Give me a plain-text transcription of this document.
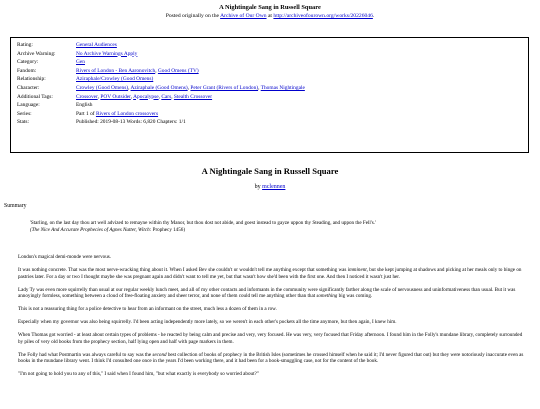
A Nightingale Sang in Russell Square
Posted originally on the Archive of Our Own at http://archiveofourown.org/works/20226046.
Rating:	General Audiences
Archive Warning:	No Archive Warnings Apply
Category:	Gen
Fandom:	Rivers of London - Ben Aaronovitch, Good Omens (TV)
Relationship:	Aziraphale/Crowley (Good Omens)
Character:	Crowley (Good Omens), Aziraphale (Good Omens), Peter Grant (Rivers of London), Thomas Nightingale
Additional Tags:	Crossover, POV Outsider, Apocalypse, Cars, Stealth Crossover
Language:	English
Series:	Part 1 of Rivers of London crossovers
Stats:	Published: 2019-08-13 Words: 6,820 Chapters: 1/1
A Nightingale Sang in Russell Square
by mclennen
Summary
'Starling, on the last day thou art well advized to remayne within thy Manor, but thou dost not abide, and goest instead to gayze uppon thy Steading, and uppon the Fell's.'
(The Nice And Accurate Prophecies of Agnes Nutter, Witch: Prophecy 1456)

London's magical demi-monde were nervous.

It was nothing concrete. That was the most nerve-wracking thing about it. When I asked Bev she couldn't or wouldn't tell me anything except that something was imminent, but she kept jumping at shadows and picking at her meals only to binge on pastries later. For a day or two I thought maybe she was pregnant again and didn't want to tell me yet, but that wasn't how she'd been with the first one. And then I noticed it wasn't just her.

Lady Ty was even more squirrelly than usual at our regular weekly lunch meet, and all of my other contacts and informants in the community were significantly farther along the scale of nervousness and uninformativeness than usual. But it was annoyingly formless, something between a cloud of free-floating anxiety and sheer terror, and none of them could tell me anything other than that something big was coming.

This is not a reassuring thing for a police detective to hear from an informant on the street, much less a dozen of them in a row.

Especially when my governor was also being squirrelly. I'd been acting independently more lately, so we weren't in each other's pockets all the time anymore, but then again, I knew him.

When Thomas got worried - at least about certain types of problems - he reacted by being calm and precise and very, very focused. He was very, very focused that Friday afternoon. I found him in the Folly's mundane library, completely surrounded by piles of very old books from the prophecy section, half lying open and half with page markers in them.

The Folly had what Postmartin was always careful to say was the second best collection of books of prophecy in the British Isles (sometimes he crossed himself when he said it; I'd never figured that out) but they were notoriously inaccurate even as books in the mundane library went. I think I'd consulted one once in the years I'd been working there, and it had been for a book-smuggling case, not for the content of the book.

"I'm not going to hold you to any of this," I said when I found him, "but what exactly is everybody so worried about?"
